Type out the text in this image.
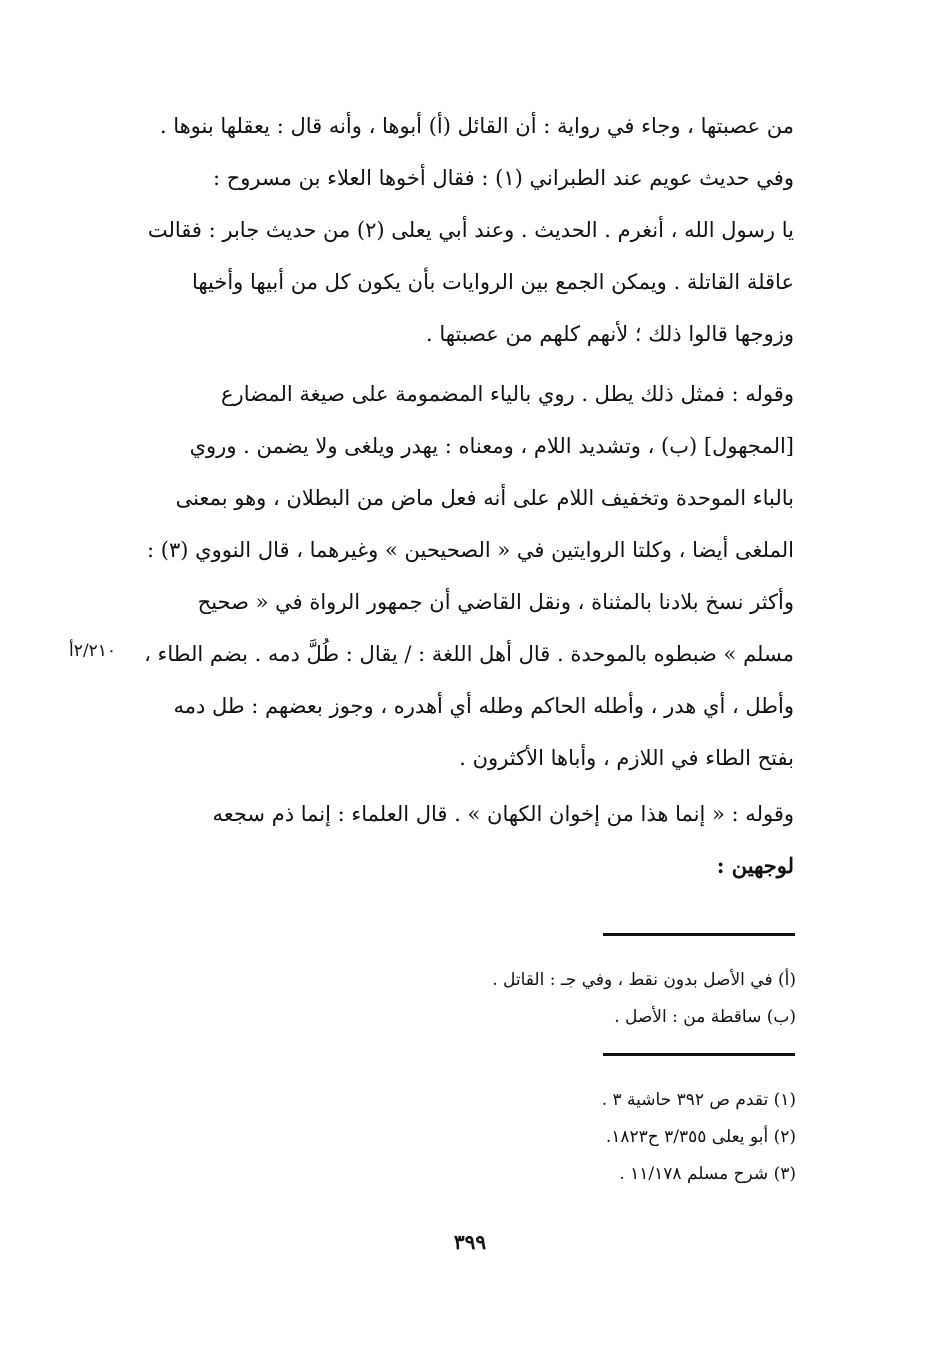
من عصبتها ، وجاء في رواية : أن القائل (أ) أبوها ، وأنه قال : يعقلها بنوها .
وفي حديث عويم عند الطبراني (١) : فقال أخوها العلاء بن مسروح :
يا رسول الله ، أنغرم . الحديث . وعند أبي يعلى (٢) من حديث جابر : فقالت
عاقلة القاتلة . ويمكن الجمع بين الروايات بأن يكون كل من أبيها وأخيها
وزوجها قالوا ذلك ؛ لأنهم كلهم من عصبتها .
وقوله : فمثل ذلك يطل . روي بالياء المضمومة على صيغة المضارع
[المجهول] (ب) ، وتشديد اللام ، ومعناه : يهدر ويلغى ولا يضمن . وروي
بالباء الموحدة وتخفيف اللام على أنه فعل ماض من البطلان ، وهو بمعنى
الملغى أيضا ، وكلتا الروايتين في « الصحيحين » وغيرهما ، قال النووي (٣) :
وأكثر نسخ بلادنا بالمثناة ، ونقل القاضي أن جمهور الرواة في « صحيح
مسلم » ضبطوه بالموحدة . قال أهل اللغة : / يقال : طُلَّ دمه . بضم الطاء ،
وأطل ، أي هدر ، وأطله الحاكم وطله أي أهدره ، وجوز بعضهم : طل دمه
بفتح الطاء في اللازم ، وأباها الأكثرون .
وقوله : « إنما هذا من إخوان الكهان » . قال العلماء : إنما ذم سجعه
لوجهين :
٢/٢١٠أ
(أ) في الأصل بدون نقط ، وفي جـ : القاتل .
(ب) ساقطة من : الأصل .
(١) تقدم ص ٣٩٢ حاشية ٣ .
(٢) أبو يعلى ٣/٣٥٥ ح١٨٢٣.
(٣) شرح مسلم ١١/١٧٨ .
٣٩٩
